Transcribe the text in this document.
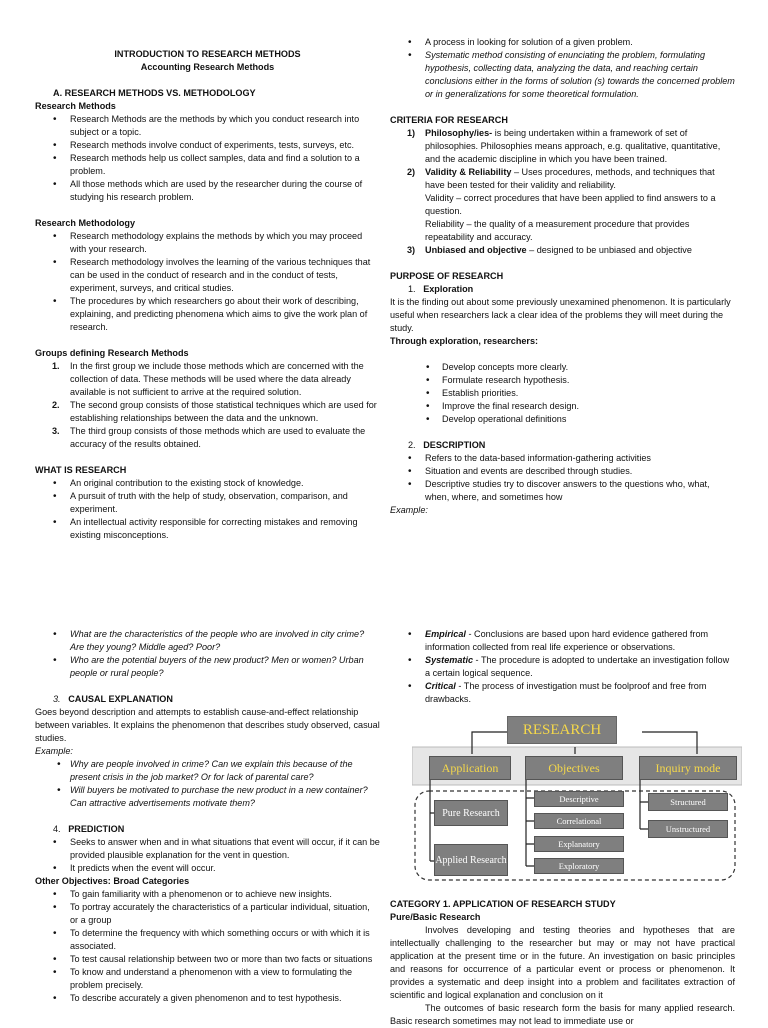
INTRODUCTION TO RESEARCH METHODS

Accounting Research Methods

A. RESEARCH METHODS VS. METHODOLOGY

Research Methods

• Research Methods are the methods by which you conduct research into subject or a topic.
• Research methods involve conduct of experiments, tests, surveys, etc.
• Research methods help us collect samples, data and find a solution to a problem.
• All those methods which are used by the researcher during the course of studying his research problem.

Research Methodology

• Research methodology explains the methods by which you may proceed with your research.
• Research methodology involves the learning of the various techniques that can be used in the conduct of research and in the conduct of tests, experiment, surveys, and critical studies.
• The procedures by which researchers go about their work of describing, explaining, and predicting phenomena which aims to give the work plan of research.

Groups defining Research Methods

1. In the first group we include those methods which are concerned with the collection of data. These methods will be used where the data already available is not sufficient to arrive at the required solution.
2. The second group consists of those statistical techniques which are used for establishing relationships between the data and the unknown.
3. The third group consists of those methods which are used to evaluate the accuracy of the results obtained.

WHAT IS RESEARCH

• An original contribution to the existing stock of knowledge.
• A pursuit of truth with the help of study, observation, comparison, and experiment.
• An intellectual activity responsible for correcting mistakes and removing existing misconceptions.
• A process in looking for solution of a given problem.
• Systematic method consisting of enunciating the problem, formulating hypothesis, collecting data, analyzing the data, and reaching certain conclusions either in the forms of solution (s) towards the concerned problem or in generalizations for some theoretical formulation.

CRITERIA FOR RESEARCH

1) Philosophy/ies- is being undertaken within a framework of set of philosophies. Philosophies means approach, e.g. qualitative, quantitative, and the academic discipline in which you have been trained.
2) Validity & Reliability – Uses procedures, methods, and techniques that have been tested for their validity and reliability.
Validity – correct procedures that have been applied to find answers to a question.
Reliability – the quality of a measurement procedure that provides repeatability and accuracy.
3) Unbiased and objective – designed to be unbiased and objective

PURPOSE OF RESEARCH

1. Exploration

It is the finding out about some previously unexamined phenomenon. It is particularly useful when researchers lack a clear idea of the problems they will meet during the study.

Through exploration, researchers:

• Develop concepts more clearly.
• Formulate research hypothesis.
• Establish priorities.
• Improve the final research design.
• Develop operational definitions

2. DESCRIPTION

• Refers to the data-based information-gathering activities
• Situation and events are described through studies.
• Descriptive studies try to discover answers to the questions who, what, when, where, and sometimes how

Example:

• What are the characteristics of the people who are involved in city crime? Are they young? Middle aged? Poor?
• Who are the potential buyers of the new product? Men or women? Urban people or rural people?

3. CAUSAL EXPLANATION

Goes beyond description and attempts to establish cause-and-effect relationship between variables. It explains the phenomenon that describes study observed, casual studies.

Example:

• Why are people involved in crime? Can we explain this because of the present crisis in the job market? Or for lack of parental care?
• Will buyers be motivated to purchase the new product in a new container? Can attractive advertisements motivate them?

4. PREDICTION

• Seeks to answer when and in what situations that event will occur, if it can be provided plausible explanation for the vent in question.
• It predicts when the event will occur.

Other Objectives: Broad Categories

• To gain familiarity with a phenomenon or to achieve new insights.
• To portray accurately the characteristics of a particular individual, situation, or a group
• To determine the frequency with which something occurs or with which it is associated.
• To test causal relationship between two or more than two facts or situations
• To know and understand a phenomenon with a view to formulating the problem precisely.
• To describe accurately a given phenomenon and to test hypothesis.
• Empirical - Conclusions are based upon hard evidence gathered from information collected from real life experience or observations.
• Systematic - The procedure is adopted to undertake an investigation follow a certain logical sequence.
• Critical - The process of investigation must be foolproof and free from drawbacks.
RESEARCH
Application	Objectives	Inquiry mode
Pure Research
Applied Research
Descriptive
Correlational
Explanatory
Exploratory
Structured
Unstructured

CATEGORY 1. APPLICATION OF RESEARCH STUDY

Pure/Basic Research

Involves developing and testing theories and hypotheses that are intellectually challenging to the researcher but may or may not have practical application at the present time or in the future. An investigation on basic principles and reasons for occurrence of a particular event or process or phenomenon. It provides a systematic and deep insight into a problem and facilitates extraction of scientific and logical explanation and conclusion on it

The outcomes of basic research form the basis for many applied research. Basic research sometimes may not lead to immediate use or
